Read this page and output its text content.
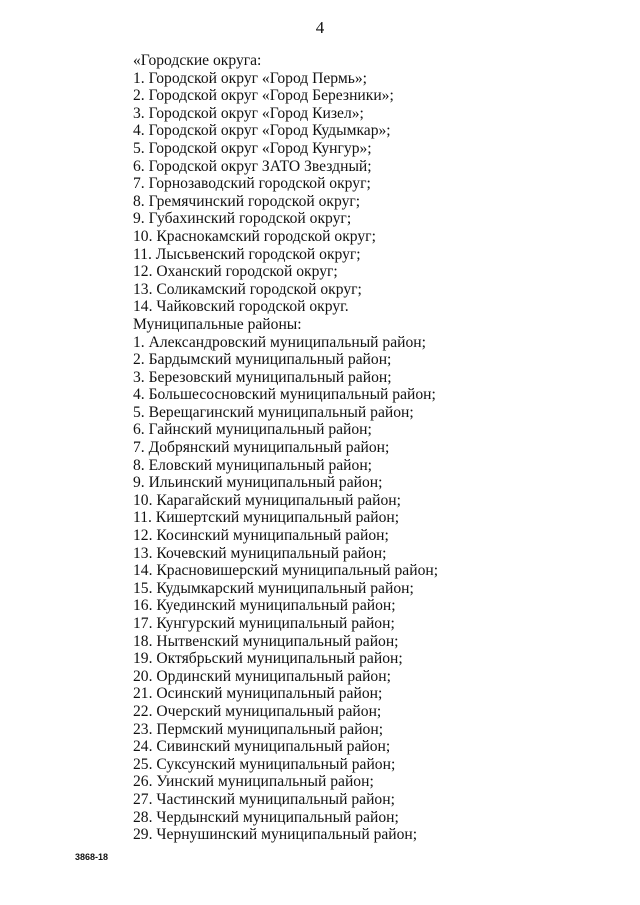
4
«Городские округа:
1. Городской округ «Город Пермь»;
2. Городской округ «Город Березники»;
3. Городской округ «Город Кизел»;
4. Городской округ «Город Кудымкар»;
5. Городской округ «Город Кунгур»;
6. Городской округ ЗАТО Звездный;
7. Горнозаводский городской округ;
8. Гремячинский городской округ;
9. Губахинский городской округ;
10. Краснокамский городской округ;
11. Лысьвенский городской округ;
12. Оханский городской округ;
13. Соликамский городской округ;
14. Чайковский городской округ.
Муниципальные районы:
1. Александровский муниципальный район;
2. Бардымский муниципальный район;
3. Березовский муниципальный район;
4. Большесосновский муниципальный район;
5. Верещагинский муниципальный район;
6. Гайнский муниципальный район;
7. Добрянский муниципальный район;
8. Еловский муниципальный район;
9. Ильинский муниципальный район;
10. Карагайский муниципальный район;
11. Кишертский муниципальный район;
12. Косинский муниципальный район;
13. Кочевский муниципальный район;
14. Красновишерский муниципальный район;
15. Кудымкарский муниципальный район;
16. Куединский муниципальный район;
17. Кунгурский муниципальный район;
18. Нытвенский муниципальный район;
19. Октябрьский муниципальный район;
20. Ординский муниципальный район;
21. Осинский муниципальный район;
22. Очерский муниципальный район;
23. Пермский муниципальный район;
24. Сивинский муниципальный район;
25. Суксунский муниципальный район;
26. Уинский муниципальный район;
27. Частинский муниципальный район;
28. Чердынский муниципальный район;
29. Чернушинский муниципальный район;
3868-18
